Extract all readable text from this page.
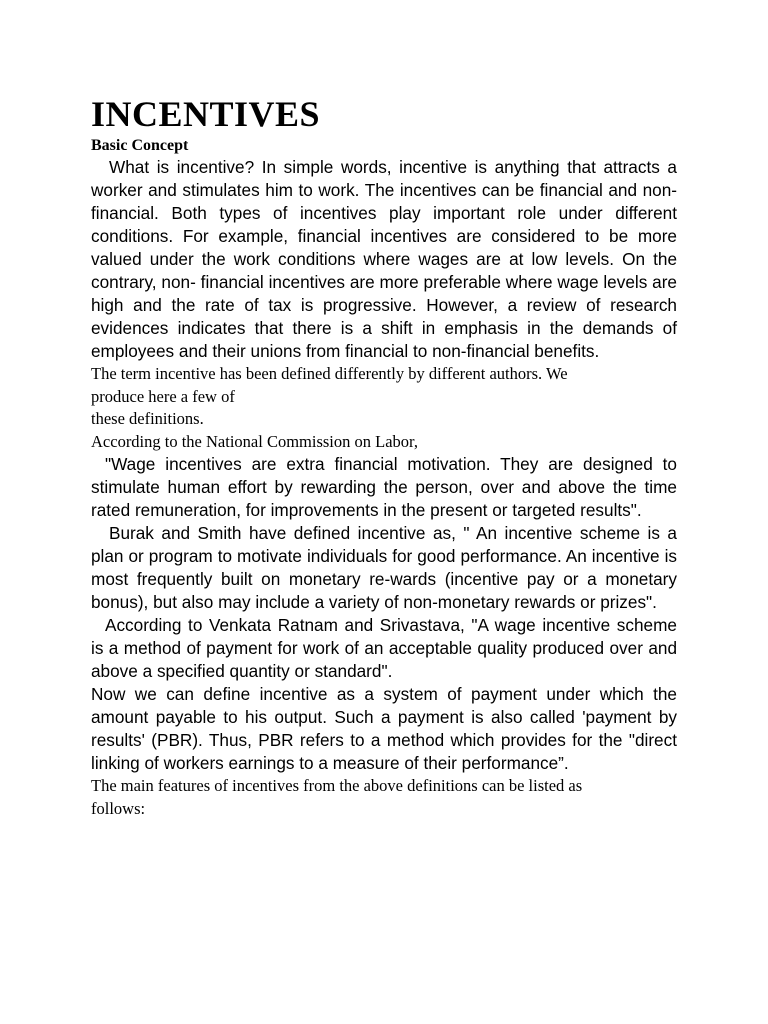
INCENTIVES
Basic Concept

What is incentive? In simple words, incentive is anything that attracts a worker and stimulates him to work. The incentives can be financial and non-financial. Both types of incentives play important role under different conditions. For example, financial incentives are considered to be more valued under the work conditions where wages are at low levels. On the contrary, non- financial incentives are more preferable where wage levels are high and the rate of tax is progressive. However, a review of research evidences indicates that there is a shift in emphasis in the demands of employees and their unions from financial to non-financial benefits.

The term incentive has been defined differently by different authors. We
produce here a few of
these definitions.
According to the National Commission on Labor,

"Wage incentives are extra financial motivation. They are designed to stimulate human effort by rewarding the person, over and above the time rated remuneration, for improvements in the present or targeted results".

Burak and Smith have defined incentive as, " An incentive scheme is a plan or program to motivate individuals for good performance. An incentive is most frequently built on monetary re-wards (incentive pay or a monetary bonus), but also may include a variety of non-monetary rewards or prizes".

According to Venkata Ratnam and Srivastava, "A wage incentive scheme is a method of payment for work of an acceptable quality produced over and above a specified quantity or standard".

Now we can define incentive as a system of payment under which the amount payable to his output. Such a payment is also called 'payment by results' (PBR). Thus, PBR refers to a method which provides for the "direct linking of workers earnings to a measure of their performance”.

The main features of incentives from the above definitions can be listed as
follows:
